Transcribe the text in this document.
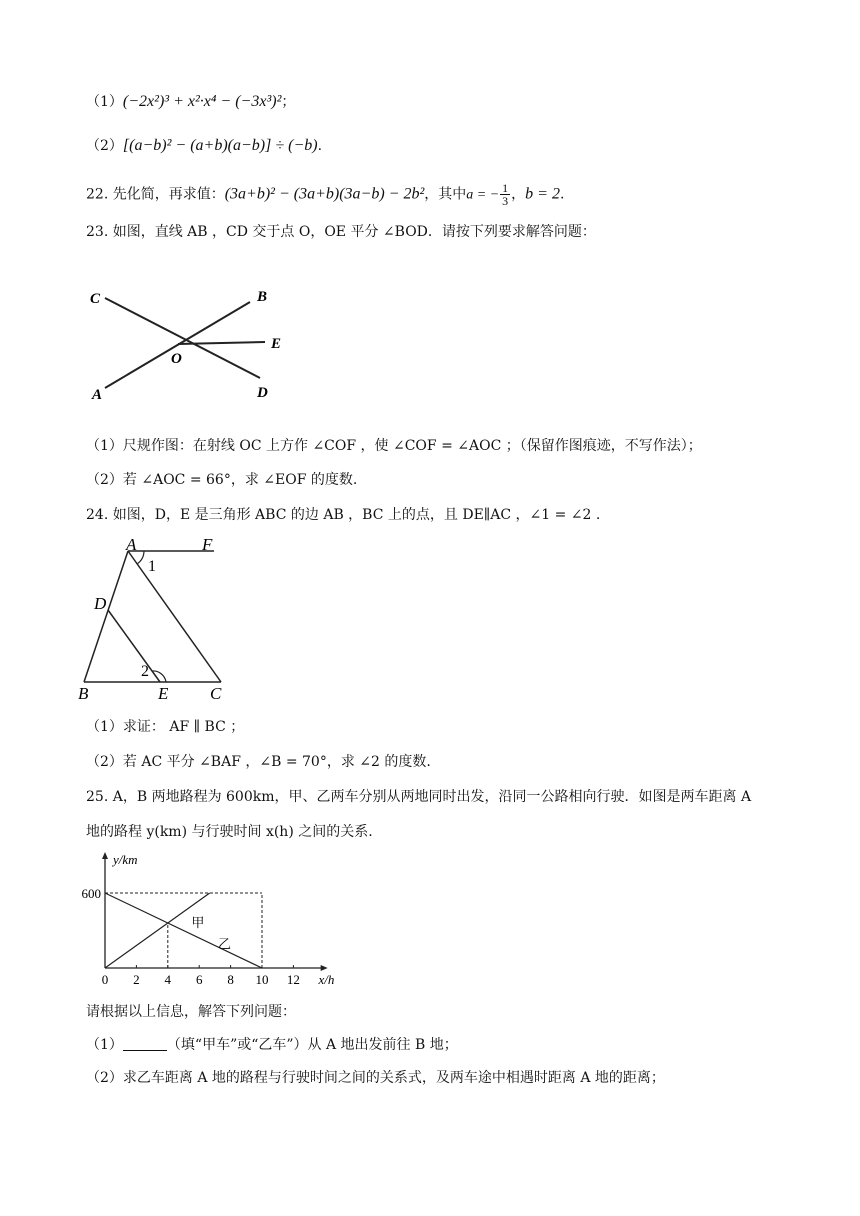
（1）(−2x²)³ + x²·x⁴ − (−3x³)²；
（2）[(a−b)² − (a+b)(a−b)] ÷ (−b).
22. 先化简，再求值：(3a+b)² − (3a+b)(3a−b) − 2b²，其中a = − $\frac{1}{3}$ ，b = 2.
23. 如图，直线 AB ，CD 交于点 O，OE 平分 ∠BOD．请按下列要求解答问题：
C	B
O
E
A	D
（1）尺规作图：在射线 OC 上方作 ∠COF ，使 ∠COF = ∠AOC ；（保留作图痕迹，不写作法）；
（2）若 ∠AOC = 66°，求 ∠EOF 的度数.
24. 如图，D，E 是三角形 ABC 的边 AB ，BC 上的点，且 DE∥AC ，∠1 = ∠2 .
A	F
1
D
2
B	E C
（1）求证： AF ∥ BC ；
（2）若 AC 平分 ∠BAF ，∠B = 70°，求 ∠2 的度数.
25. A，B 两地路程为 600km，甲、乙两车分别从两地同时出发，沿同一公路相向行驶．如图是两车距离 A
地的路程 y(km) 与行驶时间 x(h) 之间的关系.
甲
乙
0 2 4 6 8 10 12
600
x/h
y/km
请根据以上信息，解答下列问题：
（1）	（填“甲车”或“乙车”）从 A 地出发前往 B 地；
（2）求乙车距离 A 地的路程与行驶时间之间的关系式，及两车途中相遇时距离 A 地的距离；
